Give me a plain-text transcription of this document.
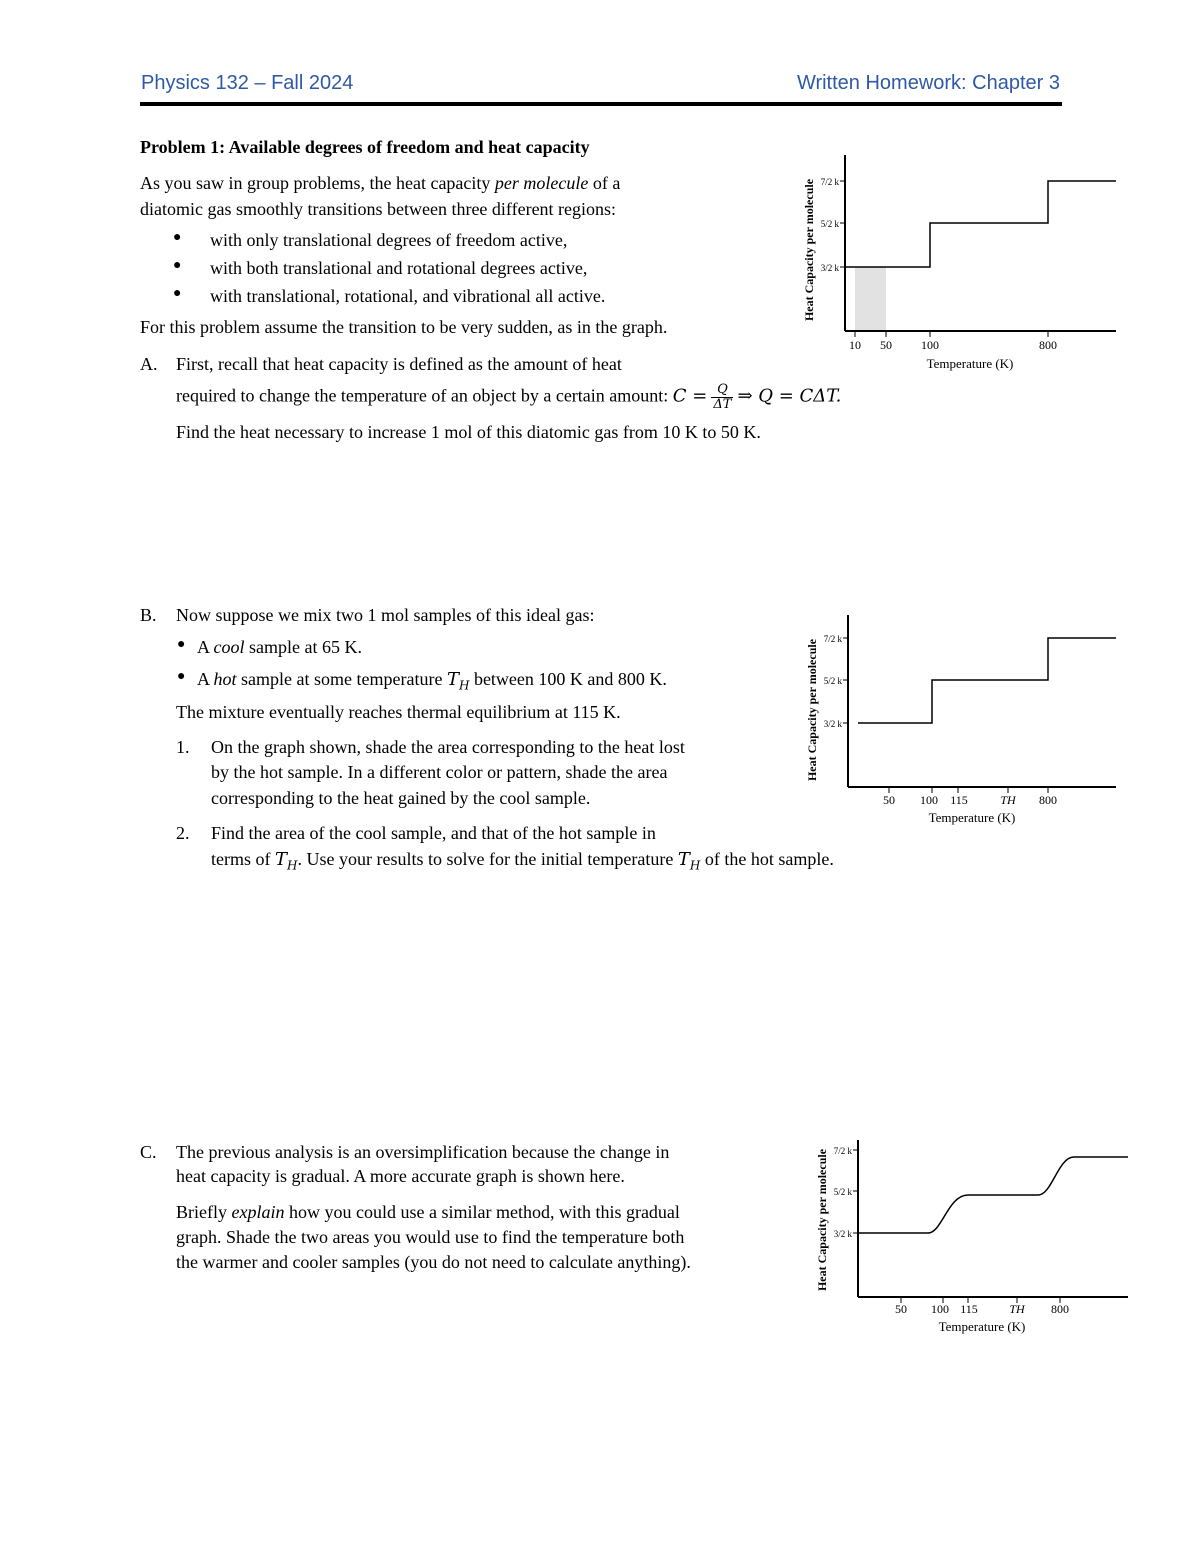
Physics 132 – Fall 2024	Written Homework: Chapter 3
Problem 1: Available degrees of freedom and heat capacity
As you saw in group problems, the heat capacity per molecule of a
diatomic gas smoothly transitions between three different regions:
● with only translational degrees of freedom active,
● with both translational and rotational degrees active,
● with translational, rotational, and vibrational all active.
For this problem assume the transition to be very sudden, as in the graph.
A. First, recall that heat capacity is defined as the amount of heat
required to change the temperature of an object by a certain amount: $C = \frac{Q}{\Delta T}$ ⇒ Q = CΔT.
Find the heat necessary to increase 1 mol of this diatomic gas from 10 K to 50 K.
B. Now suppose we mix two 1 mol samples of this ideal gas:
● A cool sample at 65 K.
● A hot sample at some temperature $T_H$ between 100 K and 800 K.
The mixture eventually reaches thermal equilibrium at 115 K.
1. On the graph shown, shade the area corresponding to the heat lost
by the hot sample. In a different color or pattern, shade the area
corresponding to the heat gained by the cool sample.
2. Find the area of the cool sample, and that of the hot sample in
terms of $T_H$. Use your results to solve for the initial temperature $T_H$ of the hot sample.
C. The previous analysis is an oversimplification because the change in
heat capacity is gradual. A more accurate graph is shown here.
Briefly explain how you could use a similar method, with this gradual
graph. Shade the two areas you would use to find the temperature both
the warmer and cooler samples (you do not need to calculate anything).
10 50 100	800
3/2 k
5/2 k
7/2 k
Temperature (K)
Heat Capacity per molecule
50 100 115	TH 800
3/2 k
5/2 k
7/2 k
Temperature (K)
Heat Capacity per molecule
50 100 115	TH 800
3/2 k
5/2 k
7/2 k
Temperature (K)
Heat Capacity per molecule
